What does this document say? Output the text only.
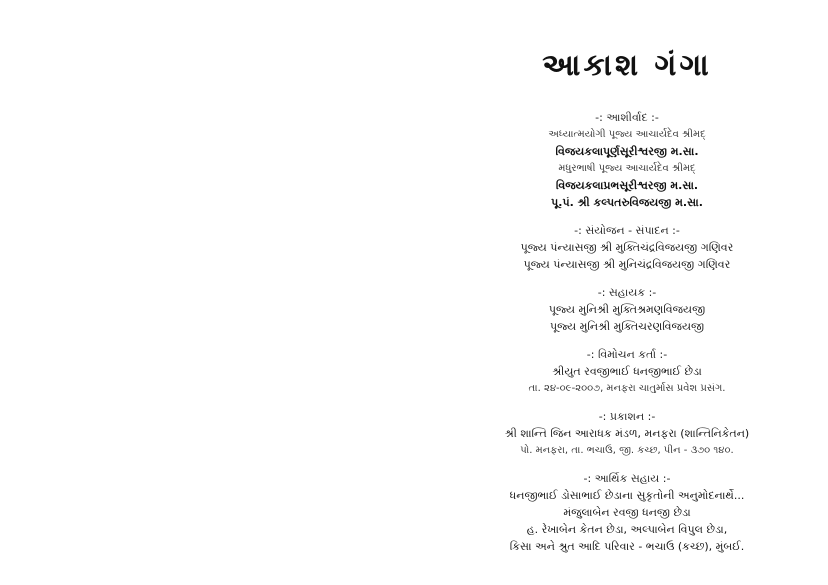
આકાશ ગંગા
-: આશીર્વાદ :-
અધ્યાત્મયોગી પૂજ્ય આચાર્યદેવ શ્રીમદ્
વિજયકલાપૂર્ણસૂરીશ્વરજી મ.સા.
મધુરભાષી પૂજ્ય આચાર્યદેવ શ્રીમદ્
વિજયકલાપ્રભસૂરીશ્વરજી મ.સા.
પૂ.પં. શ્રી કલ્પતરુવિજયજી મ.સા.
-: સંયોજન - સંપાદન :-
પૂજ્ય પંન્યાસજી શ્રી મુક્તિચંદ્રવિજયજી ગણિવર
પૂજ્ય પંન્યાસજી શ્રી મુનિચંદ્રવિજયજી ગણિવર
-: સહાયક :-
પૂજ્ય મુનિશ્રી મુક્તિશ્રમણવિજયજી
પૂજ્ય મુનિશ્રી મુક્તિચરણવિજયજી
-: વિમોચન કર્તા :-
શ્રીયુત રવજીભાઈ ધનજીભાઈ છેડા
તા. ૨૪-૦૯-૨૦૦૭, મનફરા ચાતુર્માસ પ્રવેશ પ્રસંગ.
-: પ્રકાશન :-
શ્રી શાન્તિ જિન આરાધક મંડળ, મનફરા (શાન્તિનિકેતન)
પો. મનફરા, તા. ભચાઉ, જી. કચ્છ, પીન - ૩૭૦ ૧૪૦.
-: આર્થિક સહાય :-
ધનજીભાઈ ડોસાભાઈ છેડાના સુકૃતોની અનુમોદનાર્થે...
મંજુલાબેન રવજી ધનજી છેડા
હ. રેખાબેન કેતન છેડા, અલ્પાબેન વિપુલ છેડા,
કિસા અને શ્રુત આદિ પરિવાર - ભચાઉ (કચ્છ), મુંબઈ.
